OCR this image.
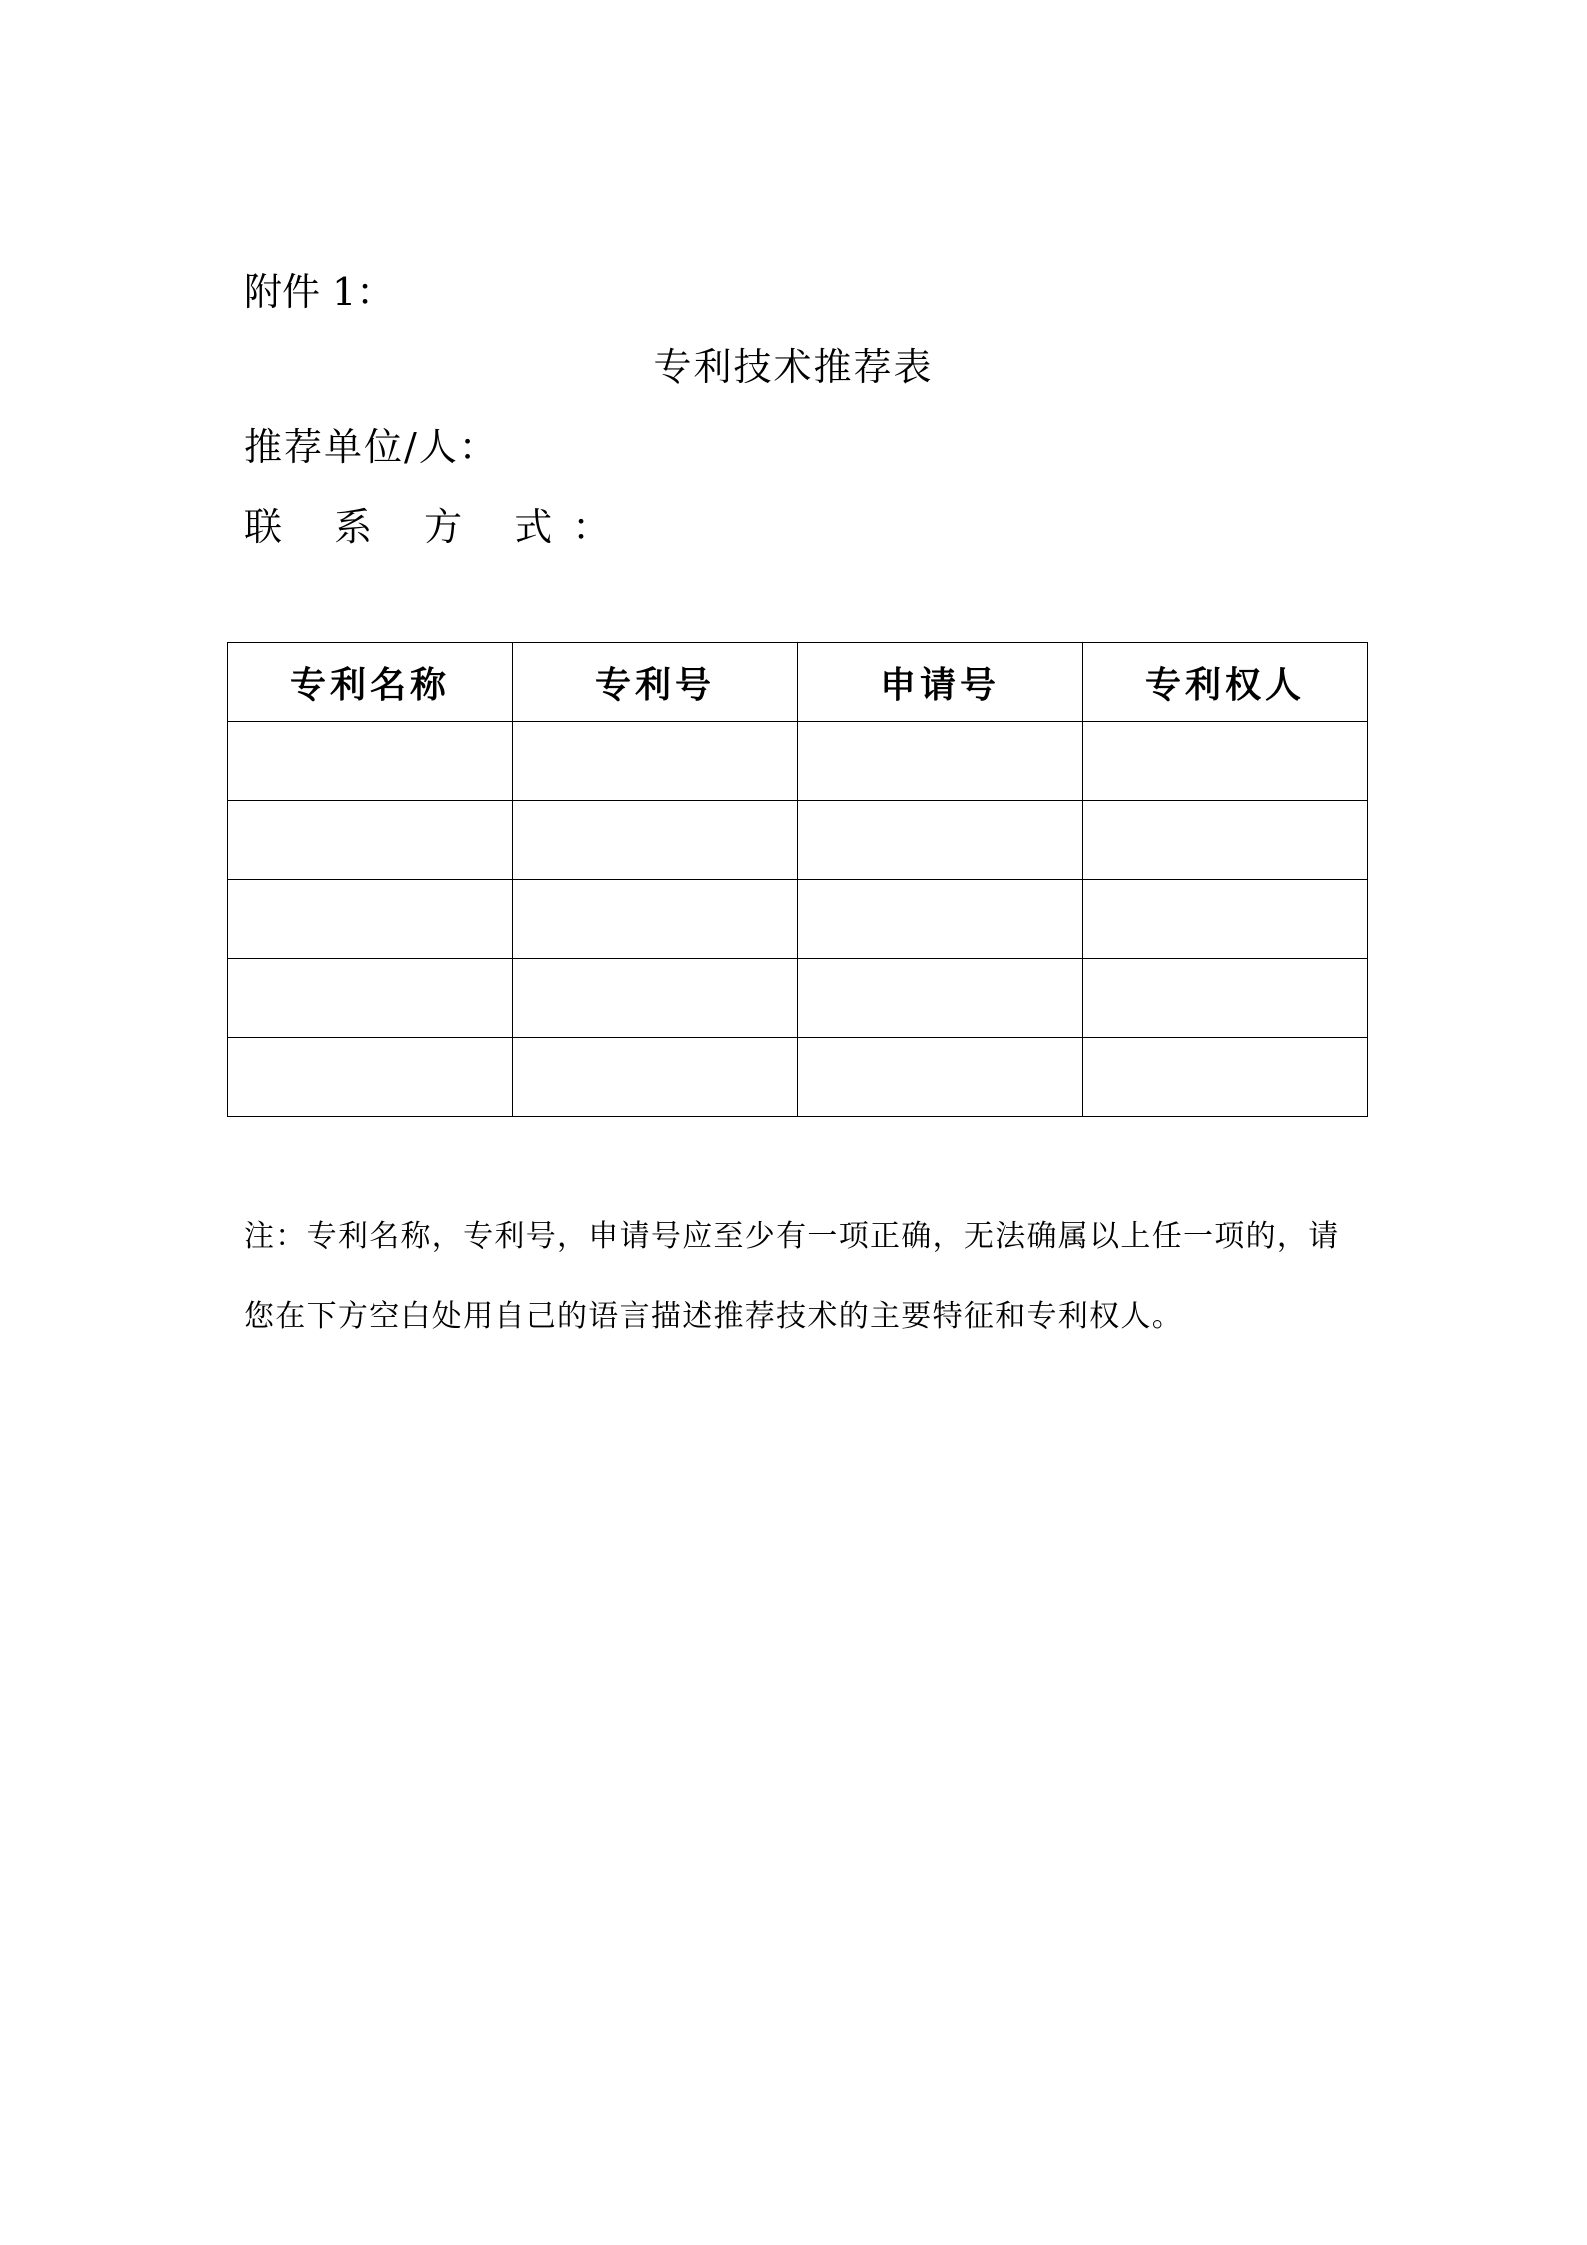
附件 1：
专利技术推荐表
推荐单位/人：
联 系 方 式：
专利名称	专利号	申请号	专利权人

注：专利名称，专利号，申请号应至少有一项正确，无法确属以上任一项的，请
您在下方空白处用自己的语言描述推荐技术的主要特征和专利权人。
